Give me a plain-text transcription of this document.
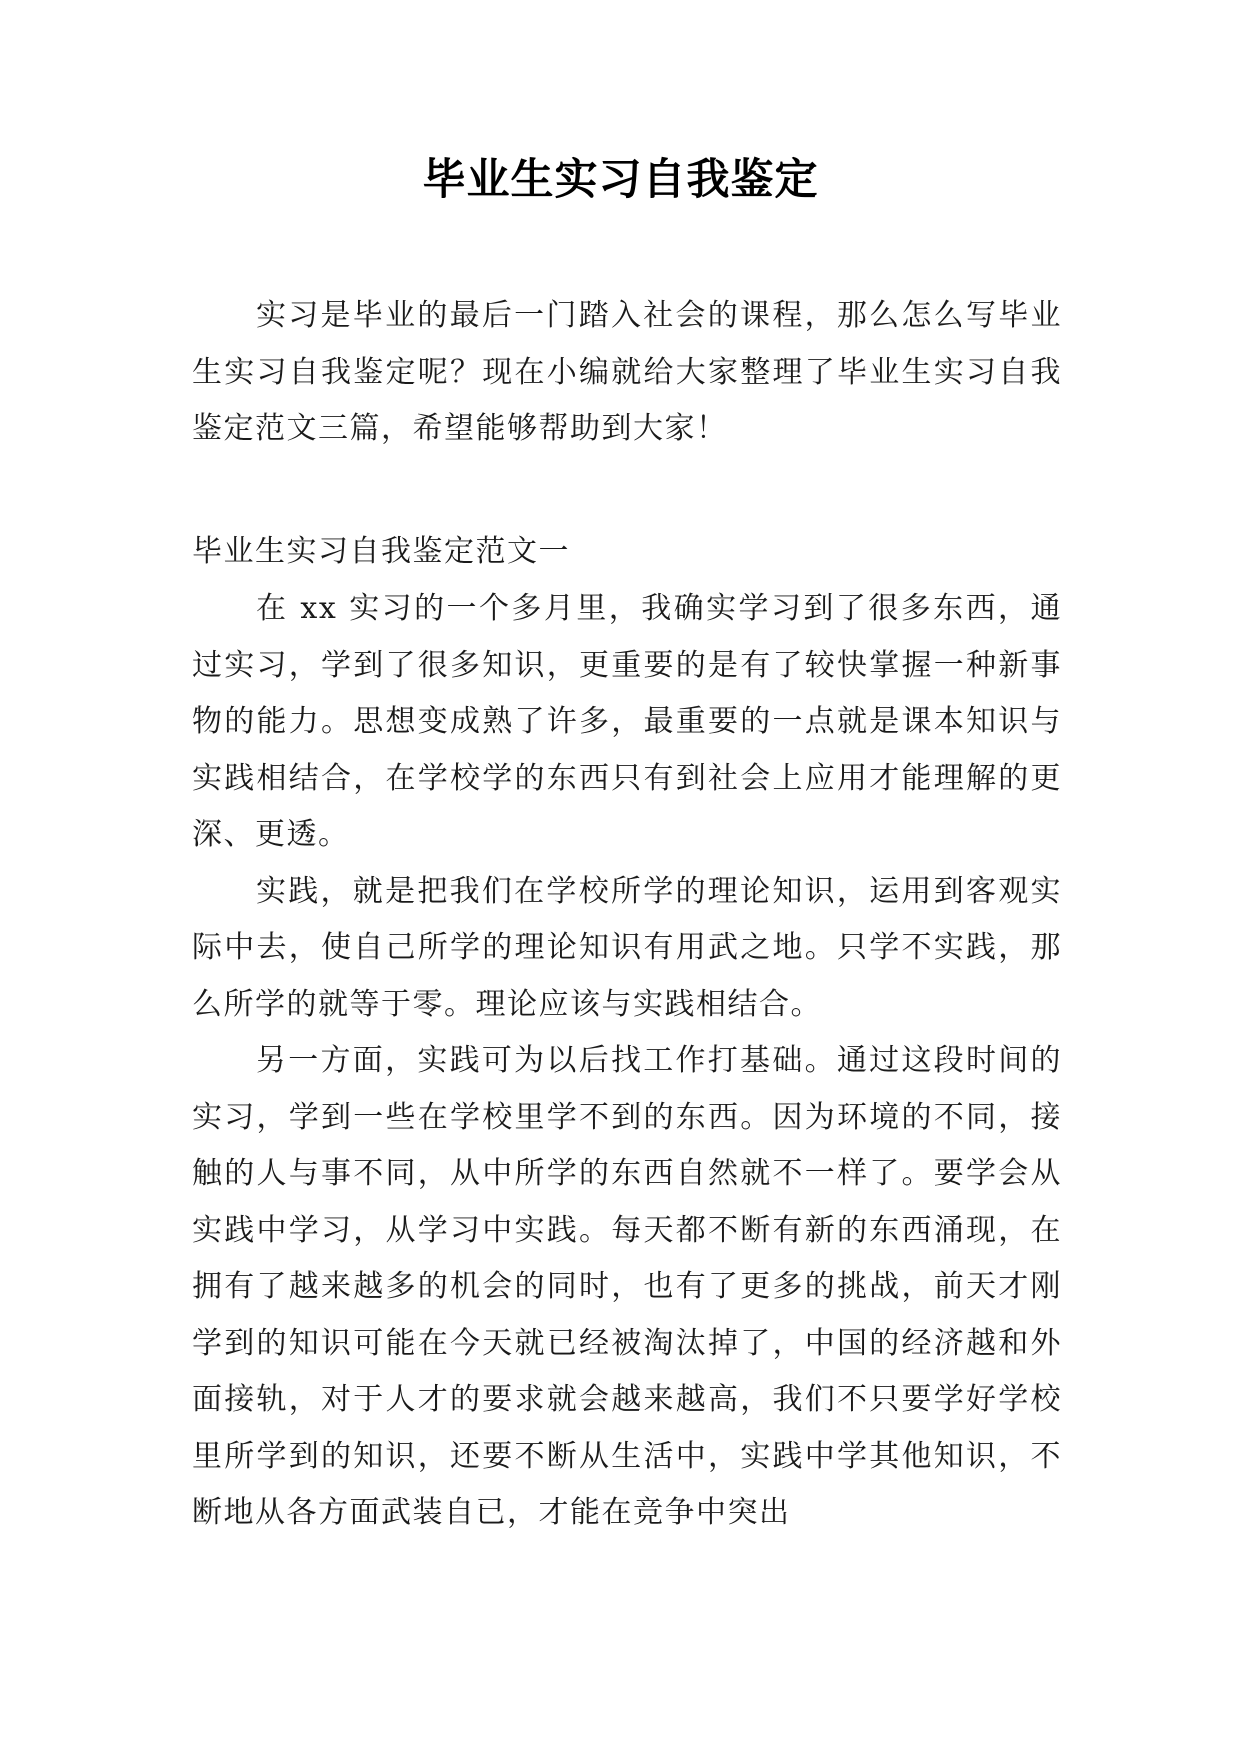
毕业生实习自我鉴定

实习是毕业的最后一门踏入社会的课程，那么怎么写毕业生实习自我鉴定呢？现在小编就给大家整理了毕业生实习自我鉴定范文三篇，希望能够帮助到大家！

毕业生实习自我鉴定范文一

在 xx 实习的一个多月里，我确实学习到了很多东西，通过实习，学到了很多知识，更重要的是有了较快掌握一种新事物的能力。思想变成熟了许多，最重要的一点就是课本知识与实践相结合，在学校学的东西只有到社会上应用才能理解的更深、更透。

实践，就是把我们在学校所学的理论知识，运用到客观实际中去，使自己所学的理论知识有用武之地。只学不实践，那么所学的就等于零。理论应该与实践相结合。

另一方面，实践可为以后找工作打基础。通过这段时间的实习，学到一些在学校里学不到的东西。因为环境的不同，接触的人与事不同，从中所学的东西自然就不一样了。要学会从实践中学习，从学习中实践。每天都不断有新的东西涌现，在拥有了越来越多的机会的同时，也有了更多的挑战，前天才刚学到的知识可能在今天就已经被淘汰掉了，中国的经济越和外面接轨，对于人才的要求就会越来越高，我们不只要学好学校里所学到的知识，还要不断从生活中，实践中学其他知识，不断地从各方面武装自已，才能在竞争中突出
